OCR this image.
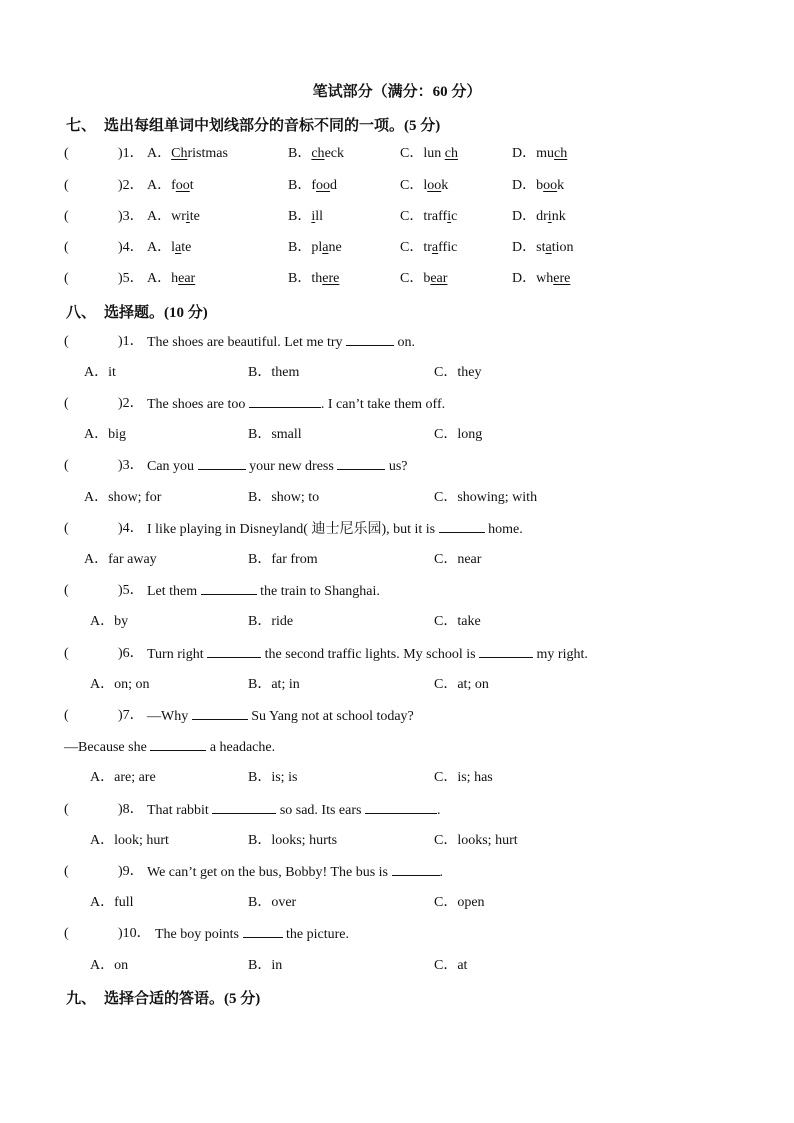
笔试部分（满分：60 分）
七、 选出每组单词中划线部分的音标不同的一项。(5 分)
(	)1． A．Christmas	B．check	C．lun ch	D．much
(	)2． A．foot	B．food	C．look	D．book
(	)3． A．write	B．ill	C．traffic	D．drink
(	)4． A．late	B．plane	C．traffic	D．station
(	)5． A．hear	B．there	C．bear	D．where
八、 选择题。(10 分)
(	)1． The shoes are beautiful. Let me try	on.
A．it	B．them	C．they
(	)2． The shoes are too	. I can’t take them off.
A．big	B．small	C．long
(	)3． Can you	your new dress	us?
A．show; for	B．show; to	C．showing; with
(	)4． I like playing in Disneyland( 迪士尼乐园), but it is	home.
A．far away	B．far from	C．near
(	)5． Let them	the train to Shanghai.
A．by	B．ride	C．take
(	)6． Turn right	the second traffic lights. My school is	my right.
A．on; on	B．at; in	C．at; on
(	)7． —Why	Su Yang not at school today?
—Because she	a headache.
A．are; are	B．is; is	C．is; has
(	)8． That rabbit	so sad. Its ears	.
A．look; hurt	B．looks; hurts	C．looks; hurt
(	)9． We can’t get on the bus, Bobby! The bus is	.
A．full	B．over	C．open
(	)10． The boy points	the picture.
A．on	B．in	C．at
九、 选择合适的答语。(5 分)
